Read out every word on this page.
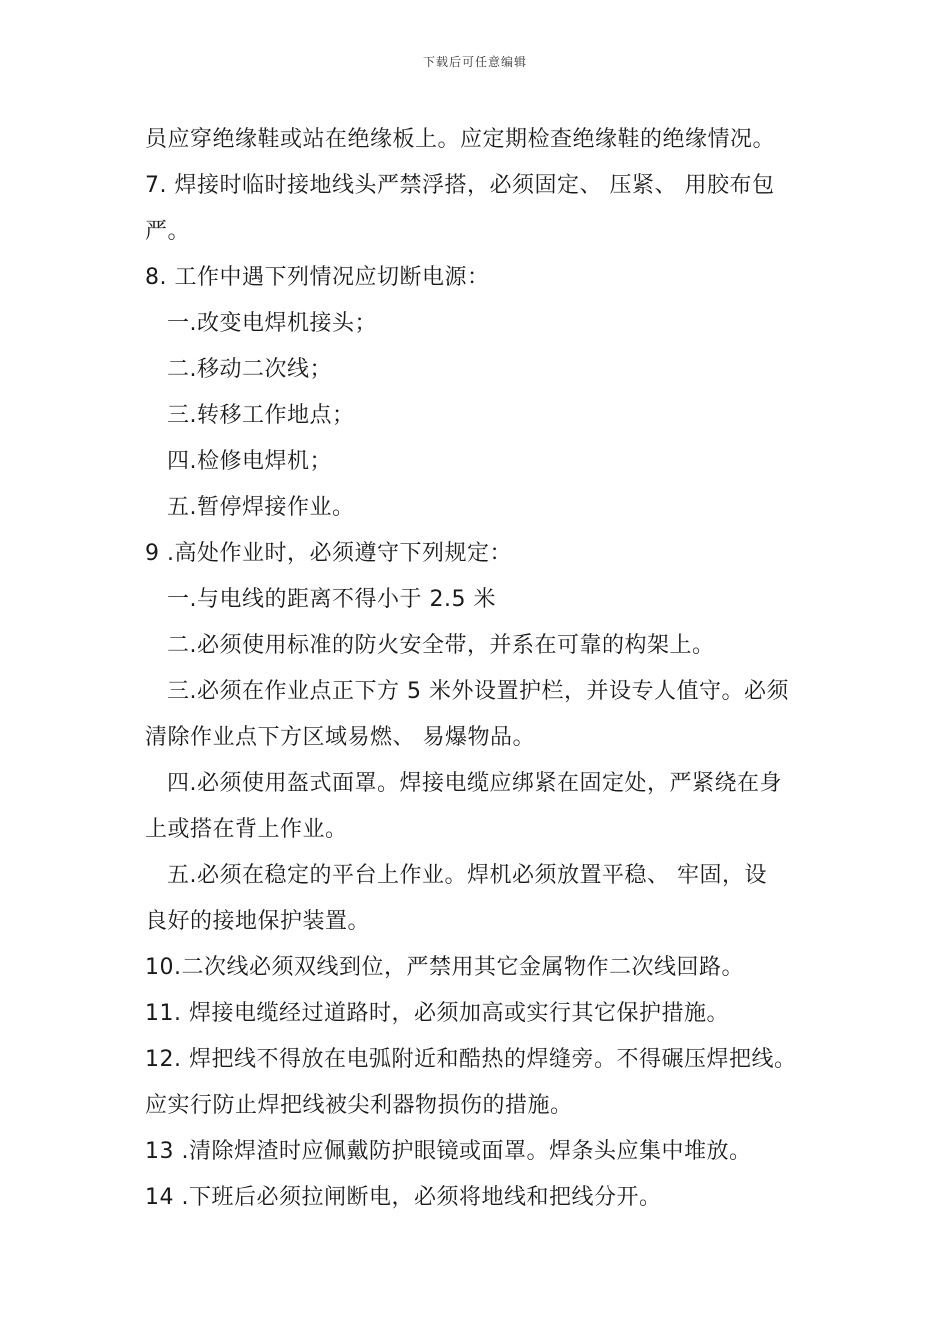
下载后可任意编辑
员应穿绝缘鞋或站在绝缘板上。应定期检查绝缘鞋的绝缘情况。
7. 焊接时临时接地线头严禁浮搭，必须固定、 压紧、 用胶布包
严。
8. 工作中遇下列情况应切断电源：
一.改变电焊机接头；
二.移动二次线；
三.转移工作地点；
四.检修电焊机；
五.暂停焊接作业。
9 .高处作业时，必须遵守下列规定：
一.与电线的距离不得小于 2.5 米
二.必须使用标准的防火安全带，并系在可靠的构架上。
三.必须在作业点正下方 5 米外设置护栏，并设专人值守。必须
清除作业点下方区域易燃、 易爆物品。
四.必须使用盔式面罩。焊接电缆应绑紧在固定处，严紧绕在身
上或搭在背上作业。
五.必须在稳定的平台上作业。焊机必须放置平稳、 牢固，设
良好的接地保护装置。
10.二次线必须双线到位，严禁用其它金属物作二次线回路。
11. 焊接电缆经过道路时，必须加高或实行其它保护措施。
12. 焊把线不得放在电弧附近和酷热的焊缝旁。不得碾压焊把线。
应实行防止焊把线被尖利器物损伤的措施。
13 .清除焊渣时应佩戴防护眼镜或面罩。焊条头应集中堆放。
14 .下班后必须拉闸断电，必须将地线和把线分开。
